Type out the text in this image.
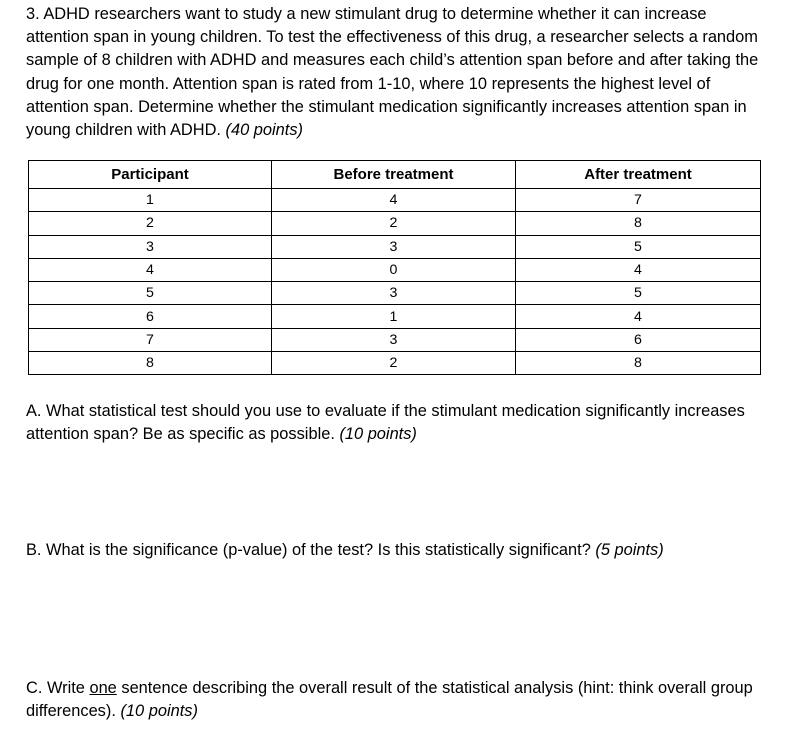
3. ADHD researchers want to study a new stimulant drug to determine whether it can increase attention span in young children. To test the effectiveness of this drug, a researcher selects a random sample of 8 children with ADHD and measures each child’s attention span before and after taking the drug for one month. Attention span is rated from 1-10, where 10 represents the highest level of attention span. Determine whether the stimulant medication significantly increases attention span in young children with ADHD. (40 points)

Participant	Before treatment	After treatment
1	4	7
2	2	8
3	3	5
4	0	4
5	3	5
6	1	4
7	3	6
8	2	8

A. What statistical test should you use to evaluate if the stimulant medication significantly increases attention span? Be as specific as possible. (10 points)

B. What is the significance (p-value) of the test? Is this statistically significant? (5 points)

C. Write one sentence describing the overall result of the statistical analysis (hint: think overall group differences). (10 points)
